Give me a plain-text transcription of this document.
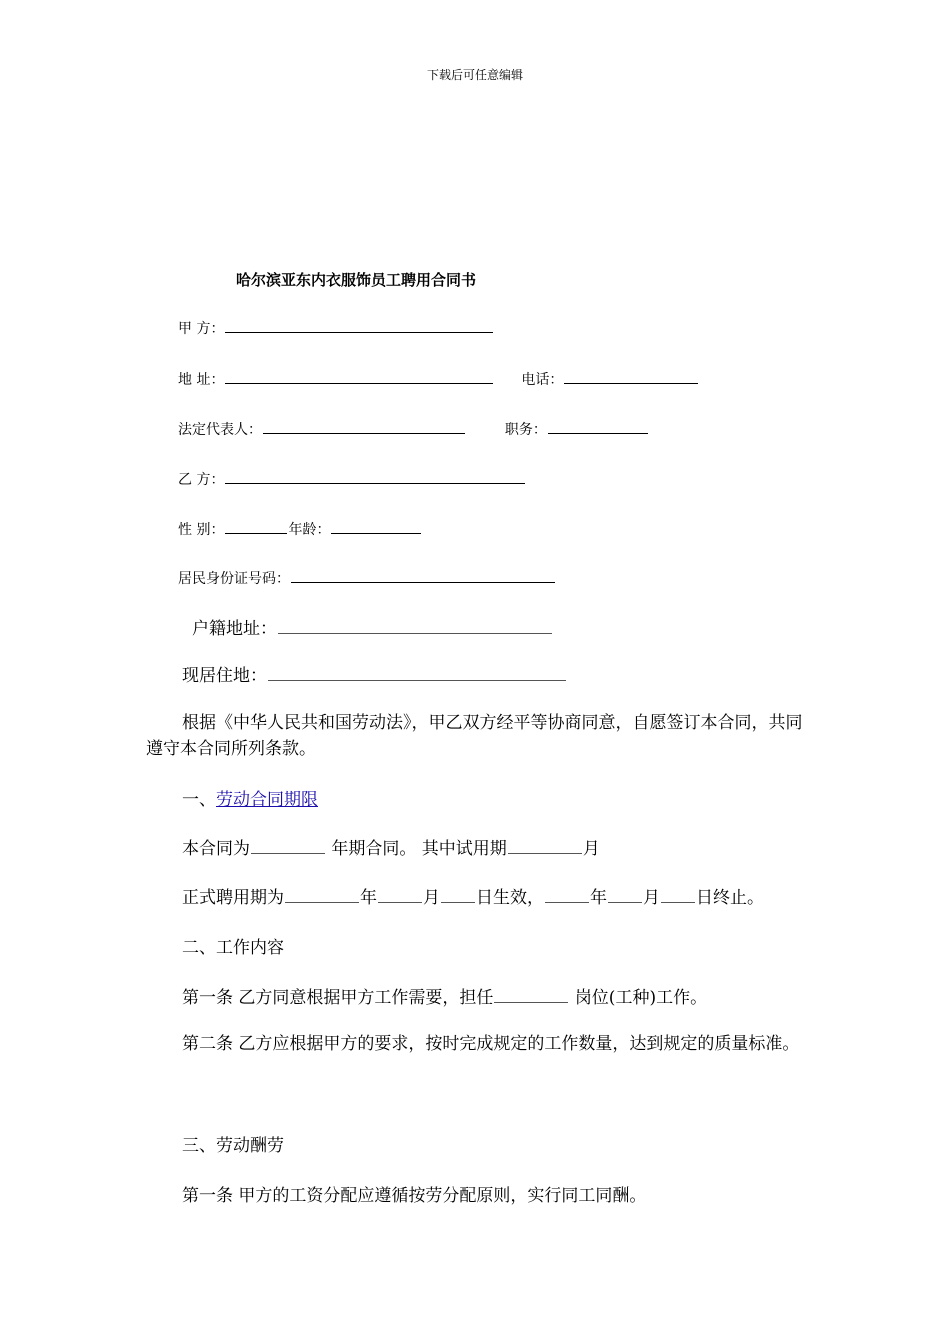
下载后可任意编辑
哈尔滨亚东内衣服饰员工聘用合同书
甲 方：
地 址：	电话：
法定代表人：	职务：
乙 方：
性 别：	年龄：
居民身份证号码：
户籍地址：
现居住地：
根据《中华人民共和国劳动法》，甲乙双方经平等协商同意，自愿签订本合同，共同遵守本合同所列条款。
一、劳动合同期限
本合同为	年期合同。 其中试用期	月
正式聘用期为	年	月 日生效，	年 月 日终止。
二、工作内容
第一条 乙方同意根据甲方工作需要，担任	岗位(工种)工作。
第二条 乙方应根据甲方的要求，按时完成规定的工作数量，达到规定的质量标准。
三、劳动酬劳
第一条 甲方的工资分配应遵循按劳分配原则，实行同工同酬。
